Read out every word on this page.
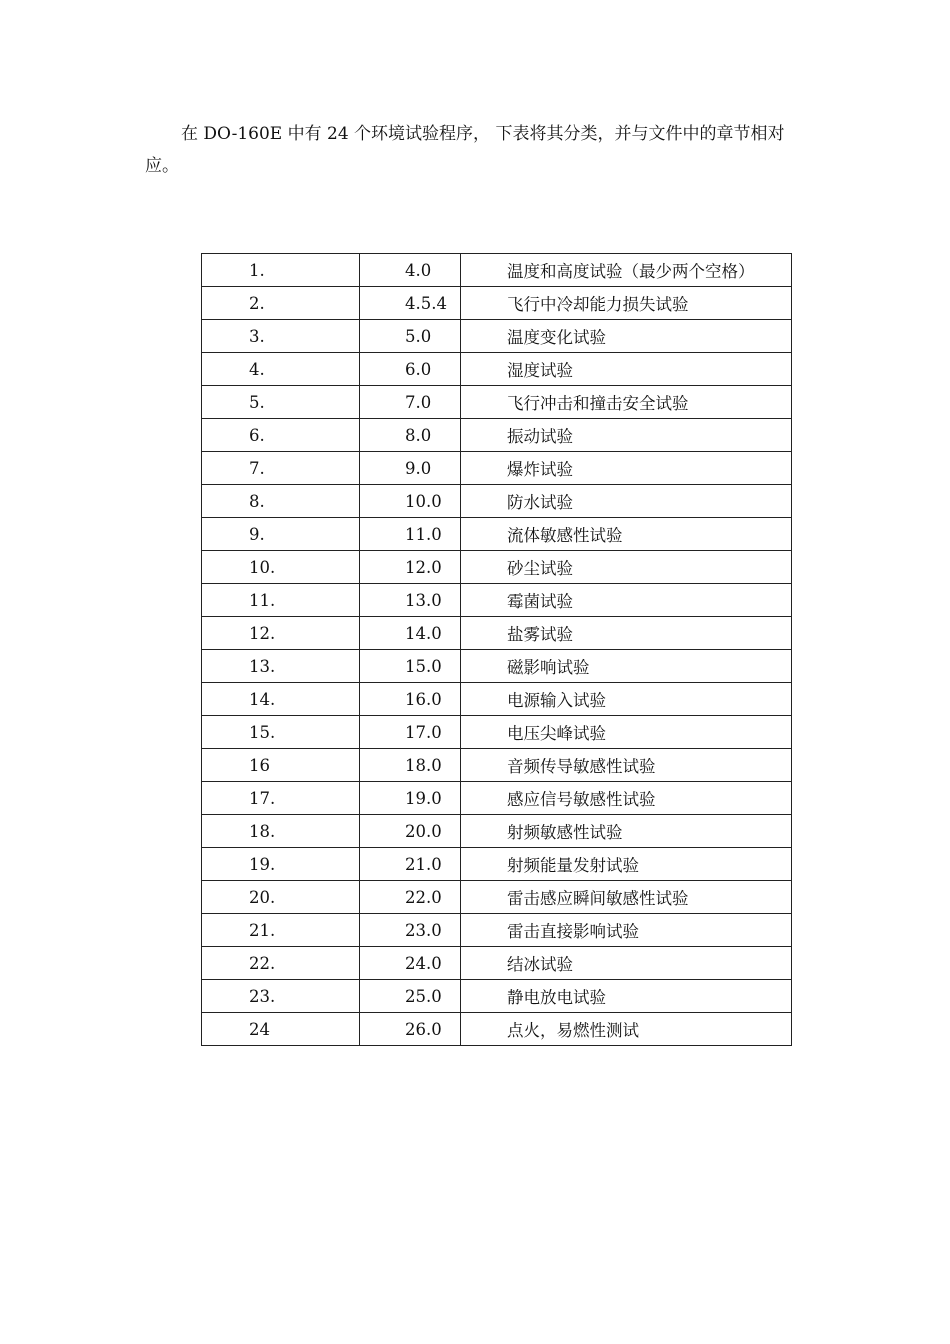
在 DO-160E 中有 24 个环境试验程序， 下表将其分类，并与文件中的章节相对应。

1.	4.0	温度和高度试验（最少两个空格）
2.	4.5.4	飞行中冷却能力损失试验
3.	5.0	温度变化试验
4.	6.0	湿度试验
5.	7.0	飞行冲击和撞击安全试验
6.	8.0	振动试验
7.	9.0	爆炸试验
8.	10.0	防水试验
9.	11.0	流体敏感性试验
10.	12.0	砂尘试验
11.	13.0	霉菌试验
12.	14.0	盐雾试验
13.	15.0	磁影响试验
14.	16.0	电源输入试验
15.	17.0	电压尖峰试验
16	18.0	音频传导敏感性试验
17.	19.0	感应信号敏感性试验
18.	20.0	射频敏感性试验
19.	21.0	射频能量发射试验
20.	22.0	雷击感应瞬间敏感性试验
21.	23.0	雷击直接影响试验
22.	24.0	结冰试验
23.	25.0	静电放电试验
24	26.0	点火，易燃性测试
